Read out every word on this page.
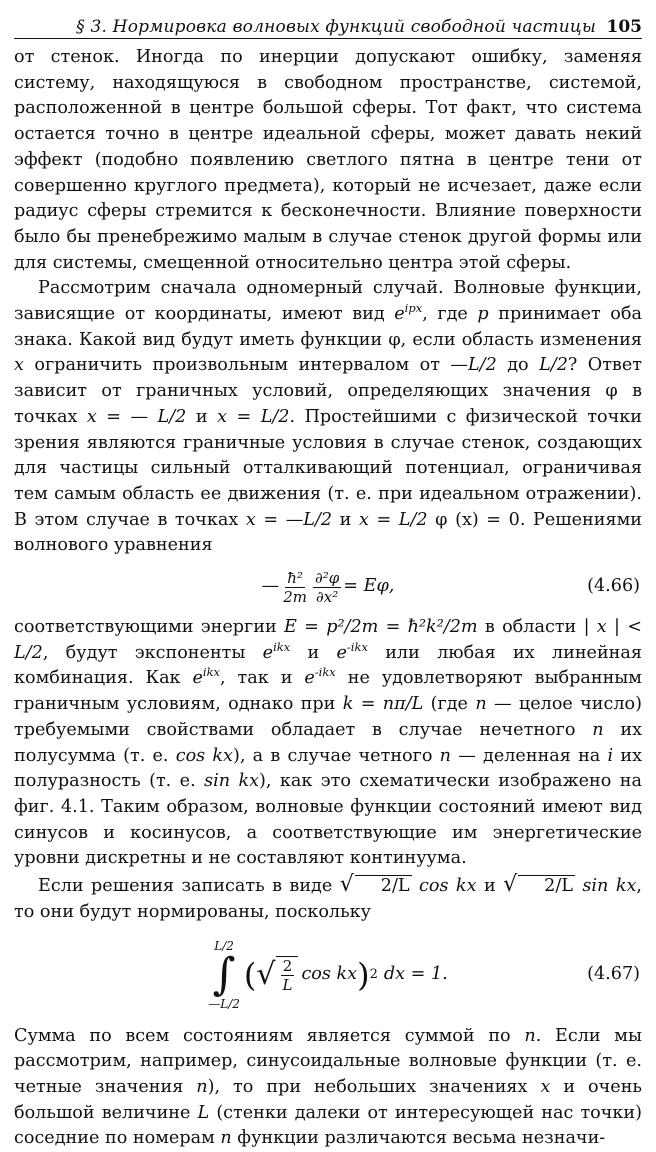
§ 3. Нормировка волновых функций свободной частицы 105

от стенок. Иногда по инерции допускают ошибку, заменяя систему, находящуюся в свободном пространстве, системой, расположенной в центре большой сферы. Тот факт, что система остается точно в центре идеальной сферы, может давать некий эффект (подобно появлению светлого пятна в центре тени от совершенно круглого предмета), который не исчезает, даже если радиус сферы стремится к бесконечности. Влияние поверхности было бы пренебрежимо малым в случае стенок другой формы или для системы, смещенной относительно центра этой сферы.

Рассмотрим сначала одномерный случай. Волновые функции, зависящие от координаты, имеют вид $e^{ipx}$, где p принимает оба знака. Какой вид будут иметь функции φ, если область изменения x ограничить произвольным интервалом от —L/2 до L/2? Ответ зависит от граничных условий, определяющих значения φ в точках x = — L/2 и x = L/2. Простейшими с физической точки зрения являются граничные условия в случае стенок, создающих для частицы сильный отталкивающий потенциал, ограничивая тем самым область ее движения (т. е. при идеальном отражении). В этом случае в точках x = —L/2 и x = L/2 φ (x) = 0. Решениями волнового уравнения

— $\frac{\text{ħ²}}{2m} \frac{\text{∂²φ}}{\text{∂x²}} = E\varphi$,	(4.66)

соответствующими энергии E = p²/2m = ħ²k²/2m в области | x | < L/2, будут экспоненты $e^{ikx}$ и $e^{-ikx}$ или любая их линейная комбинация. Как $e^{ikx}$, так и $e^{-ikx}$ не удовлетворяют выбранным граничным условиям, однако при k = nπ/L (где n — целое число) требуемыми свойствами обладает в случае нечетного n их полусумма (т. е. cos kx), а в случае четного n — деленная на i их полуразность (т. е. sin kx), как это схематически изображено на фиг. 4.1. Таким образом, волновые функции состояний имеют вид синусов и косинусов, а соответствующие им энергетические уровни дискретны и не составляют континуума.

Если решения записать в виде √ 2/L cos kx и √ 2/L sin kx, то они будут нормированы, поскольку

L/2
∫
—L/2
( √ $\frac{2}{L}$ cos kx ) 2 dx = 1.	(4.67)

Сумма по всем состояниям является суммой по n. Если мы рассмотрим, например, синусоидальные волновые функции (т. е. четные значения n), то при небольших значениях x и очень большой величине L (стенки далеки от интересующей нас точки) соседние по номерам n функции различаются весьма незначи-
